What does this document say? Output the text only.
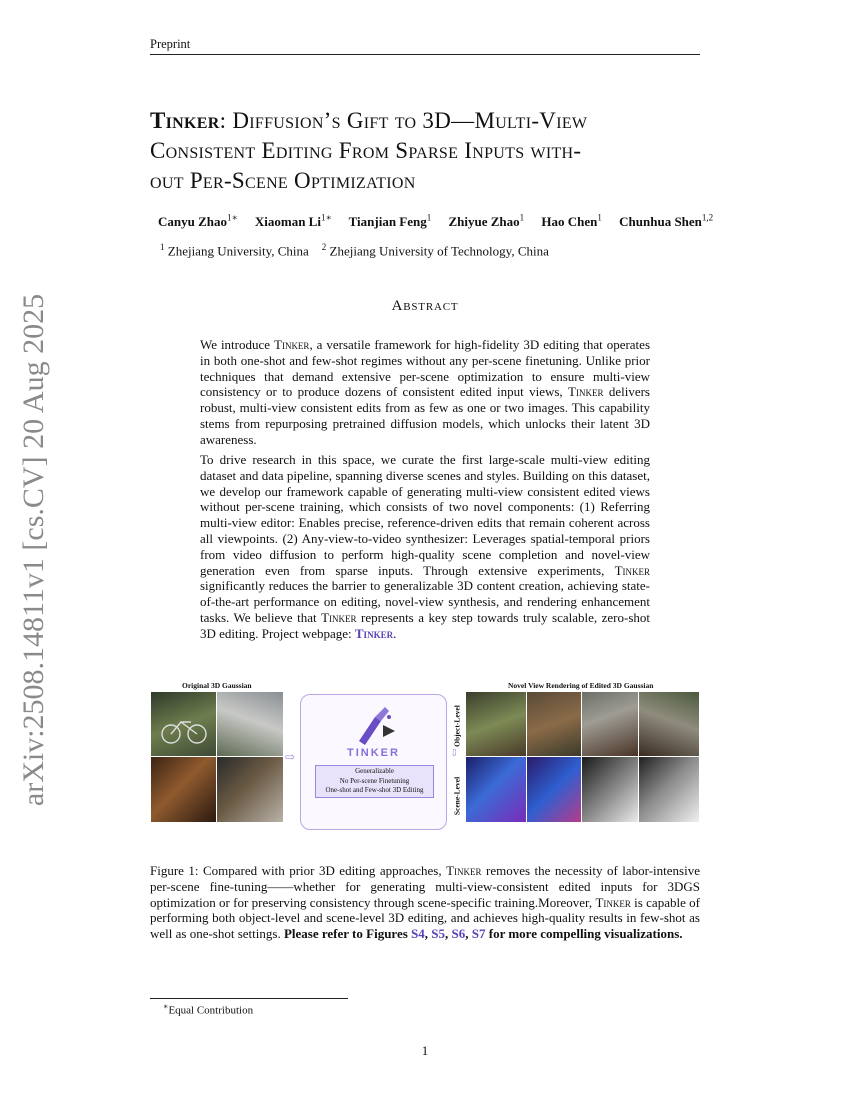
Preprint
Tinker: Diffusion’s Gift to 3D—Multi-View
Consistent Editing From Sparse Inputs with-
out Per-Scene Optimization
Canyu Zhao$^{1∗}$ Xiaoman $Li^{1∗}$ Tianjian Feng$^1$ Zhiyue Zhao$^1$ Hao Chen$^1$ Chunhua Shen$^{1,2}$
$^1$ Zhejiang University, China $^2$ Zhejiang University of Technology, China
Abstract
We introduce Tinker, a versatile framework for high-fidelity 3D editing that operates in both one-shot and few-shot regimes without any per-scene finetuning. Unlike prior techniques that demand extensive per-scene optimization to ensure multi-view consistency or to produce dozens of consistent edited input views, Tinker delivers robust, multi-view consistent edits from as few as one or two images. This capability stems from repurposing pretrained diffusion models, which unlocks their latent 3D awareness.
To drive research in this space, we curate the first large-scale multi-view editing dataset and data pipeline, spanning diverse scenes and styles. Building on this dataset, we develop our framework capable of generating multi-view consistent edited views without per-scene training, which consists of two novel components: (1) Referring multi-view editor: Enables precise, reference-driven edits that remain coherent across all viewpoints. (2) Any-view-to-video synthesizer: Leverages spatial-temporal priors from video diffusion to perform high-quality scene completion and novel-view generation even from sparse inputs. Through extensive experiments, Tinker significantly reduces the barrier to generalizable 3D content creation, achieving state-of-the-art performance on editing, novel-view synthesis, and rendering enhancement tasks. We believe that Tinker represents a key step towards truly scalable, zero-shot 3D editing. Project webpage: Tinker.
arXiv:2508.14811v1 [cs.CV] 20 Aug 2025	Original 3D Gaussian	Novel View Rendering of Edited 3D Gaussian
⇨	TINKER
Generalizable
No Per-scene Finetuning
One-shot and Few-shot 3D Editing
Object-Level
Scene-Level
⇩
Figure 1: Compared with prior 3D editing approaches, Tinker removes the necessity of labor-intensive per-scene fine-tuning——whether for generating multi-view-consistent edited inputs for 3DGS optimization or for preserving consistency through scene-specific training.Moreover, Tinker is capable of performing both object-level and scene-level 3D editing, and achieves high-quality results in few-shot as well as one-shot settings. Please refer to Figures S4, S5, S6, S7 for more compelling visualizations.
∗Equal Contribution
1
